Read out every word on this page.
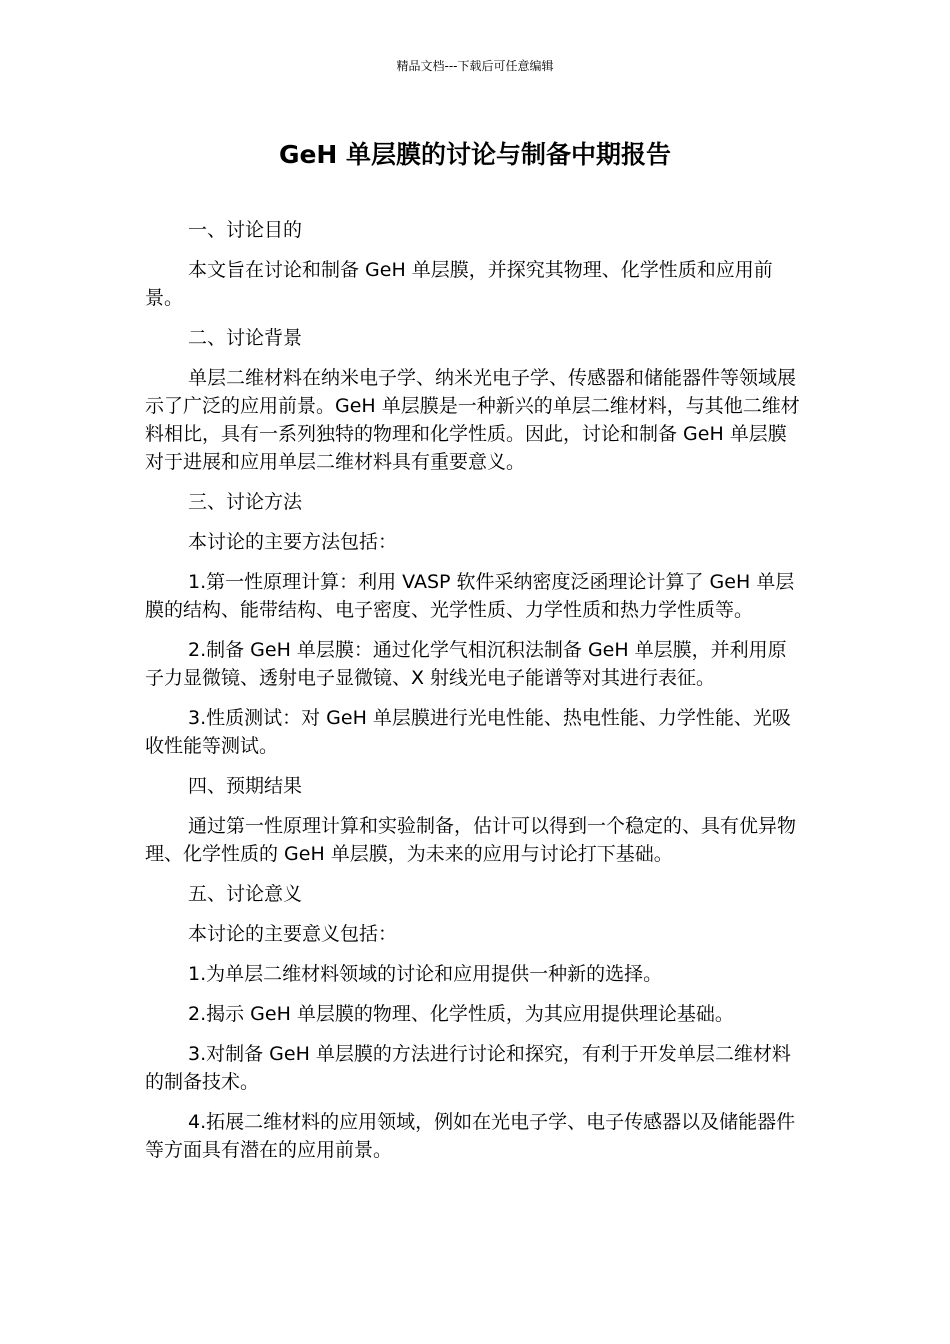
精品文档---下载后可任意编辑
GeH 单层膜的讨论与制备中期报告

一、讨论目的

本文旨在讨论和制备 GeH 单层膜，并探究其物理、化学性质和应用前景。

二、讨论背景

单层二维材料在纳米电子学、纳米光电子学、传感器和储能器件等领域展示了广泛的应用前景。GeH 单层膜是一种新兴的单层二维材料，与其他二维材料相比，具有一系列独特的物理和化学性质。因此，讨论和制备 GeH 单层膜对于进展和应用单层二维材料具有重要意义。

三、讨论方法

本讨论的主要方法包括：

1.第一性原理计算：利用 VASP 软件采纳密度泛函理论计算了 GeH 单层膜的结构、能带结构、电子密度、光学性质、力学性质和热力学性质等。

2.制备 GeH 单层膜：通过化学气相沉积法制备 GeH 单层膜，并利用原子力显微镜、透射电子显微镜、X 射线光电子能谱等对其进行表征。

3.性质测试：对 GeH 单层膜进行光电性能、热电性能、力学性能、光吸收性能等测试。

四、预期结果

通过第一性原理计算和实验制备，估计可以得到一个稳定的、具有优异物理、化学性质的 GeH 单层膜，为未来的应用与讨论打下基础。

五、讨论意义

本讨论的主要意义包括：

1.为单层二维材料领域的讨论和应用提供一种新的选择。

2.揭示 GeH 单层膜的物理、化学性质，为其应用提供理论基础。

3.对制备 GeH 单层膜的方法进行讨论和探究，有利于开发单层二维材料的制备技术。

4.拓展二维材料的应用领域，例如在光电子学、电子传感器以及储能器件等方面具有潜在的应用前景。
